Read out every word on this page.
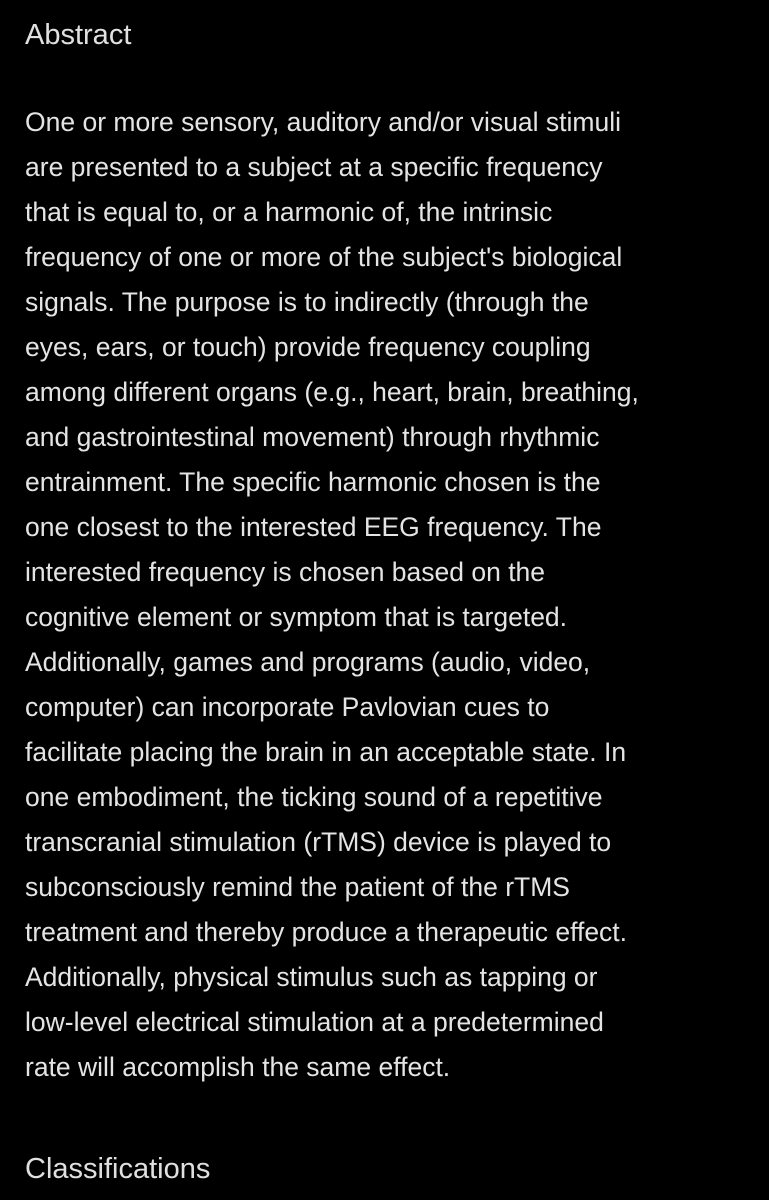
Abstract
One or more sensory, auditory and/or visual stimuli
are presented to a subject at a specific frequency
that is equal to, or a harmonic of, the intrinsic
frequency of one or more of the subject's biological
signals. The purpose is to indirectly (through the
eyes, ears, or touch) provide frequency coupling
among different organs (e.g., heart, brain, breathing,
and gastrointestinal movement) through rhythmic
entrainment. The specific harmonic chosen is the
one closest to the interested EEG frequency. The
interested frequency is chosen based on the
cognitive element or symptom that is targeted.
Additionally, games and programs (audio, video,
computer) can incorporate Pavlovian cues to
facilitate placing the brain in an acceptable state. In
one embodiment, the ticking sound of a repetitive
transcranial stimulation (rTMS) device is played to
subconsciously remind the patient of the rTMS
treatment and thereby produce a therapeutic effect.
Additionally, physical stimulus such as tapping or
low-level electrical stimulation at a predetermined
rate will accomplish the same effect.
Classifications
